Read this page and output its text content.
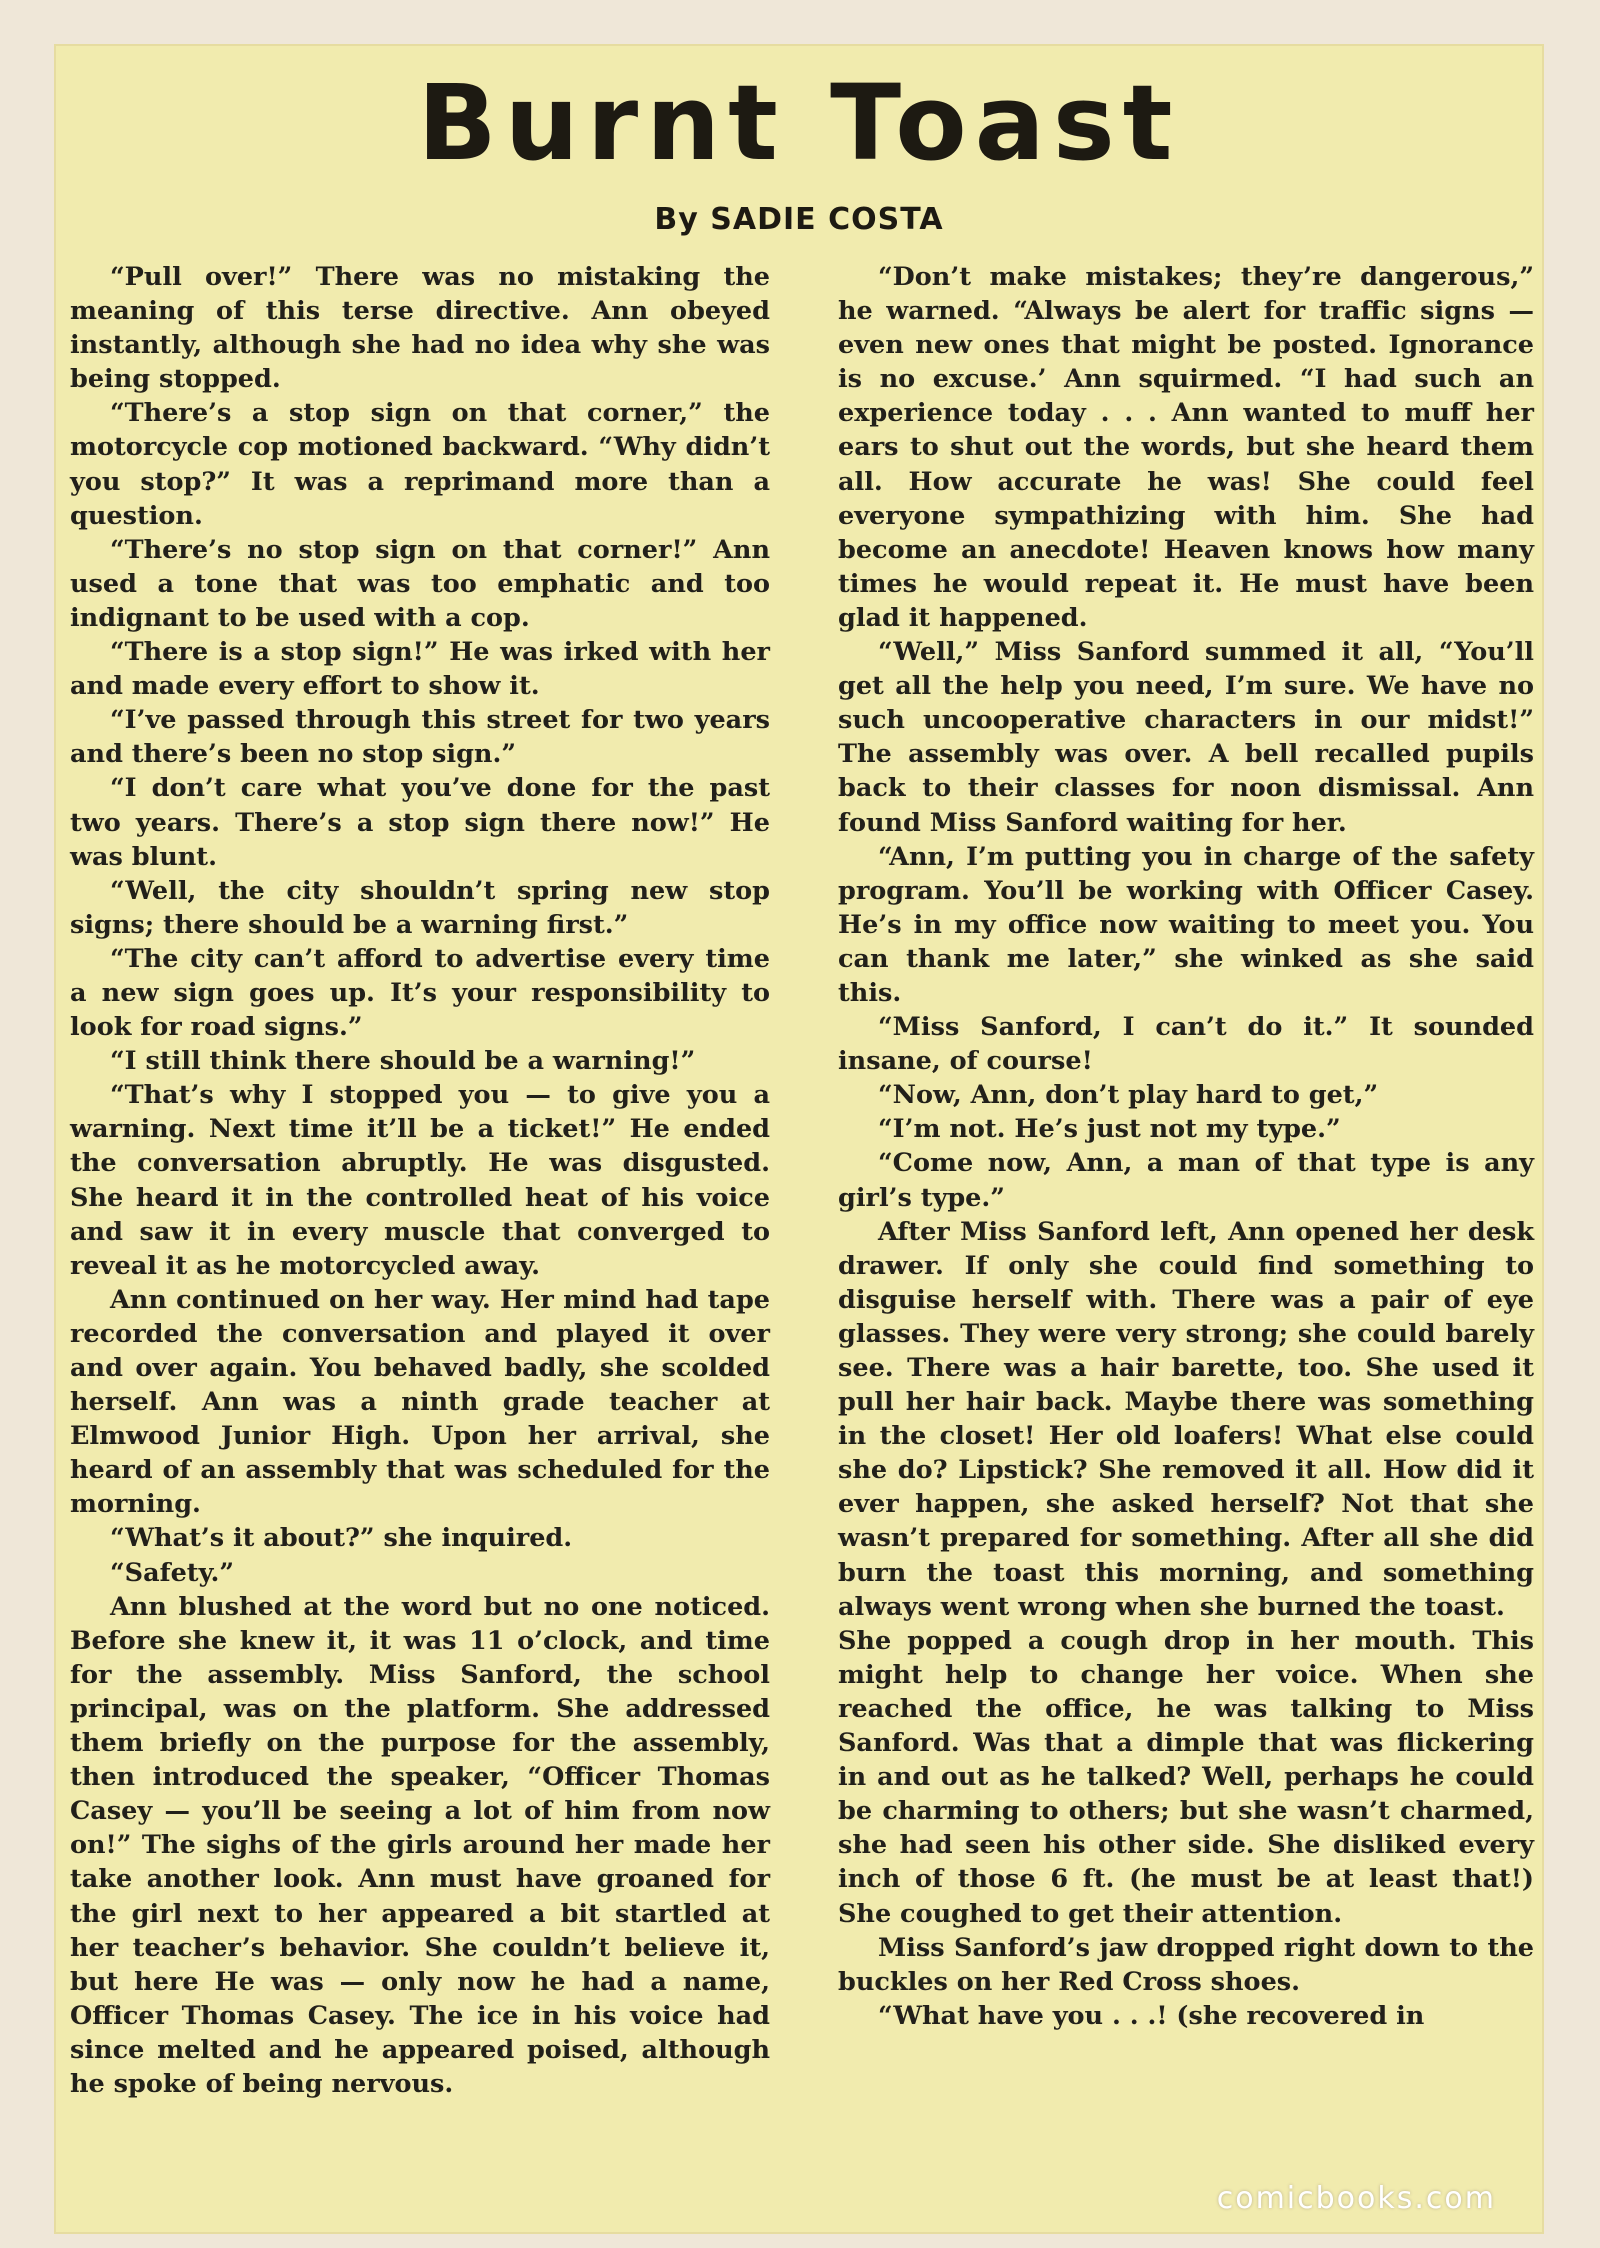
Burnt Toast
By SADIE COSTA

“Pull over!” There was no mistaking the meaning of this terse directive. Ann obeyed instantly, although she had no idea why she was being stopped.

“There’s a stop sign on that corner,” the motorcycle cop motioned backward. “Why didn’t you stop?” It was a reprimand more than a question.

“There’s no stop sign on that corner!” Ann used a tone that was too emphatic and too indignant to be used with a cop.

“There is a stop sign!” He was irked with her and made every effort to show it.

“I’ve passed through this street for two years and there’s been no stop sign.”

“I don’t care what you’ve done for the past two years. There’s a stop sign there now!” He was blunt.

“Well, the city shouldn’t spring new stop signs; there should be a warning first.”

“The city can’t afford to advertise every time a new sign goes up. It’s your responsibility to look for road signs.”

“I still think there should be a warning!”

“That’s why I stopped you — to give you a warning. Next time it’ll be a ticket!” He ended the conversation abruptly. He was disgusted. She heard it in the controlled heat of his voice and saw it in every muscle that converged to reveal it as he motorcycled away.

Ann continued on her way. Her mind had tape recorded the conversation and played it over and over again. You behaved badly, she scolded herself. Ann was a ninth grade teacher at Elmwood Junior High. Upon her arrival, she heard of an assembly that was scheduled for the morning.

“What’s it about?” she inquired.

“Safety.”

Ann blushed at the word but no one noticed. Before she knew it, it was 11 o’clock, and time for the assembly. Miss Sanford, the school principal, was on the platform. She addressed them briefly on the purpose for the assembly, then introduced the speaker, “Officer Thomas Casey — you’ll be seeing a lot of him from now on!” The sighs of the girls around her made her take another look. Ann must have groaned for the girl next to her appeared a bit startled at her teacher’s behavior. She couldn’t believe it, but here He was — only now he had a name, Officer Thomas Casey. The ice in his voice had since melted and he appeared poised, although he spoke of being nervous.

“Don’t make mistakes; they’re dangerous,” he warned. “Always be alert for traffic signs — even new ones that might be posted. Ignorance is no excuse.’ Ann squirmed. “I had such an experience today . . . Ann wanted to muff her ears to shut out the words, but she heard them all. How accurate he was! She could feel everyone sympathizing with him. She had become an anecdote! Heaven knows how many times he would repeat it. He must have been glad it happened.

“Well,” Miss Sanford summed it all, “You’ll get all the help you need, I’m sure. We have no such uncooperative characters in our midst!” The assembly was over. A bell recalled pupils back to their classes for noon dismissal. Ann found Miss Sanford waiting for her.

“Ann, I’m putting you in charge of the safety program. You’ll be working with Officer Casey. He’s in my office now waiting to meet you. You can thank me later,” she winked as she said this.

“Miss Sanford, I can’t do it.” It sounded insane, of course!

“Now, Ann, don’t play hard to get,”

“I’m not. He’s just not my type.”

“Come now, Ann, a man of that type is any girl’s type.”

After Miss Sanford left, Ann opened her desk drawer. If only she could find something to disguise herself with. There was a pair of eye glasses. They were very strong; she could barely see. There was a hair barette, too. She used it pull her hair back. Maybe there was something in the closet! Her old loafers! What else could she do? Lipstick? She removed it all. How did it ever happen, she asked herself? Not that she wasn’t prepared for something. After all she did burn the toast this morning, and something always went wrong when she burned the toast.

She popped a cough drop in her mouth. This might help to change her voice. When she reached the office, he was talking to Miss Sanford. Was that a dimple that was flickering in and out as he talked? Well, perhaps he could be charming to others; but she wasn’t charmed, she had seen his other side. She disliked every inch of those 6 ft. (he must be at least that!) She coughed to get their attention.

Miss Sanford’s jaw dropped right down to the buckles on her Red Cross shoes.

“What have you . . .! (she recovered in

comicbooks.com
